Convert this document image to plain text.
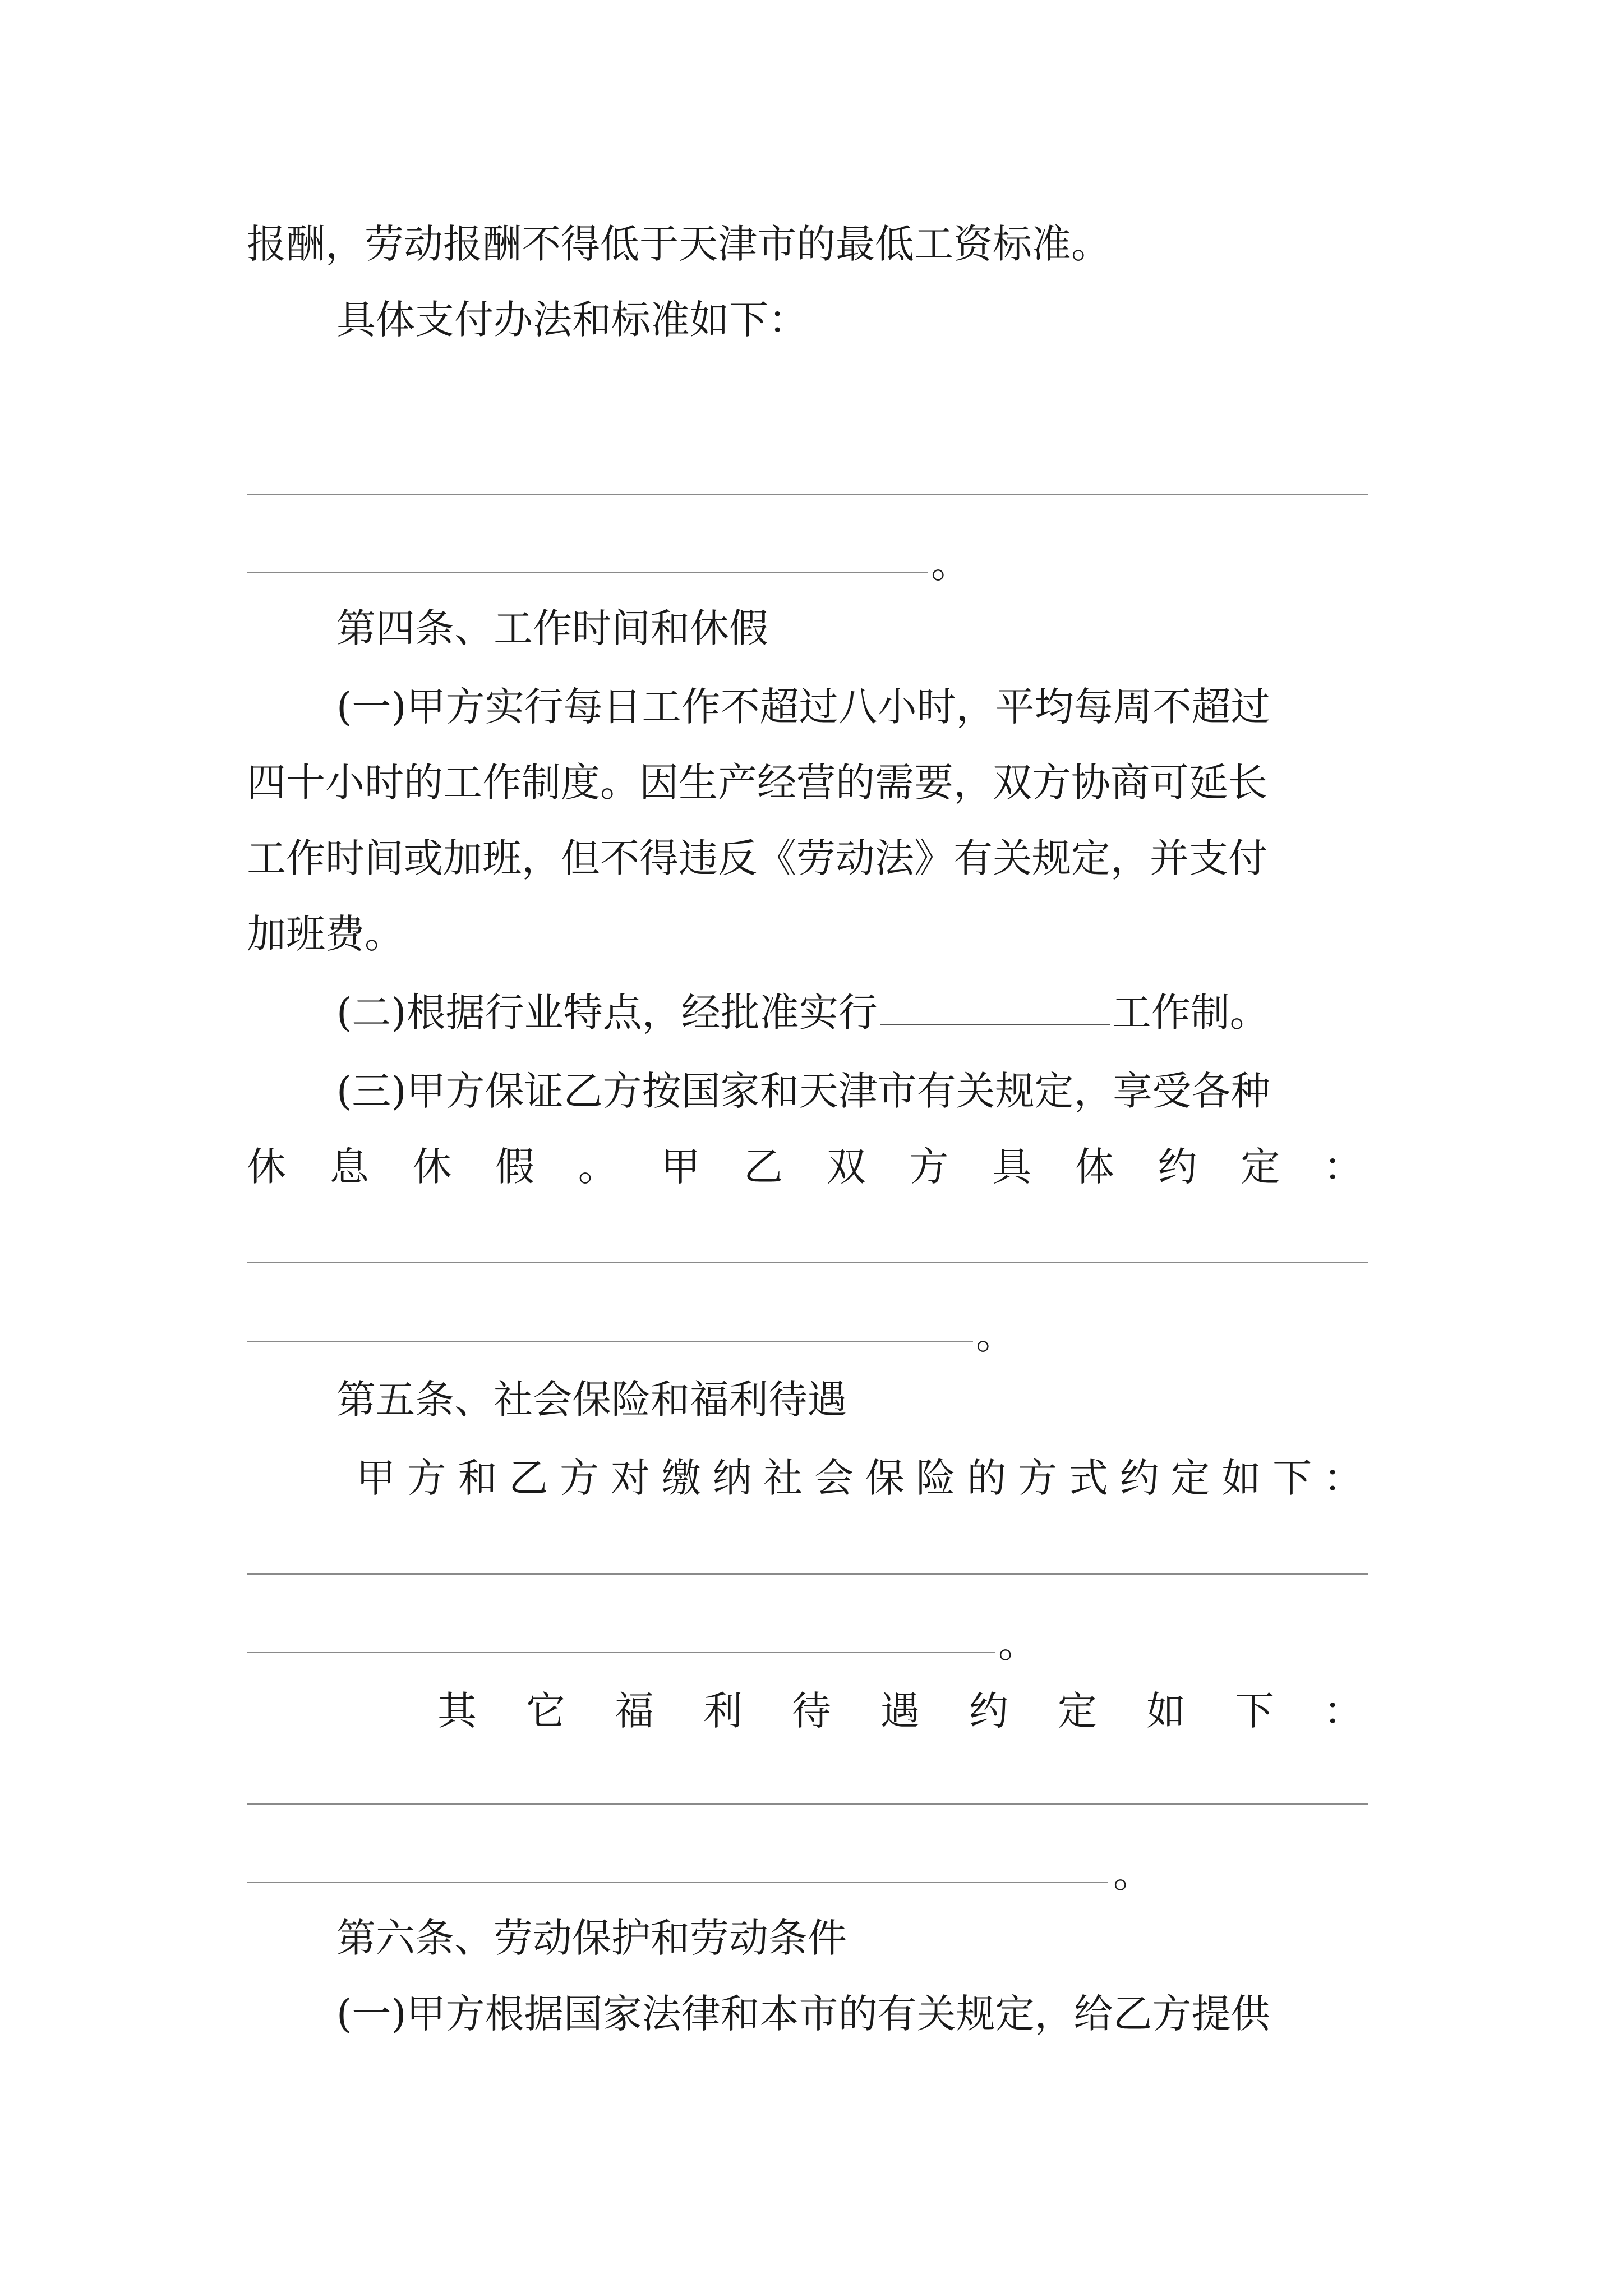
报酬，劳动报酬不得低于天津市的最低工资标准。
具体支付办法和标准如下：
。
第四条、工作时间和休假
(一)甲方实行每日工作不超过八小时，平均每周不超过
四十小时的工作制度。因生产经营的需要，双方协商可延长
工作时间或加班，但不得违反《劳动法》有关规定，并支付
加班费。
(二)根据行业特点，经批准实行	工作制。
(三)甲方保证乙方按国家和天津市有关规定，享受各种
休 息 休 假 。 甲 乙 双 方 具 体 约 定 ：
。
第五条、社会保险和福利待遇
甲 方 和 乙 方 对 缴 纳 社 会 保 险 的 方 式 约 定 如 下 ：
。
其 它 福 利 待 遇 约 定 如 下 ：
。
第六条、劳动保护和劳动条件
(一)甲方根据国家法律和本市的有关规定，给乙方提供
